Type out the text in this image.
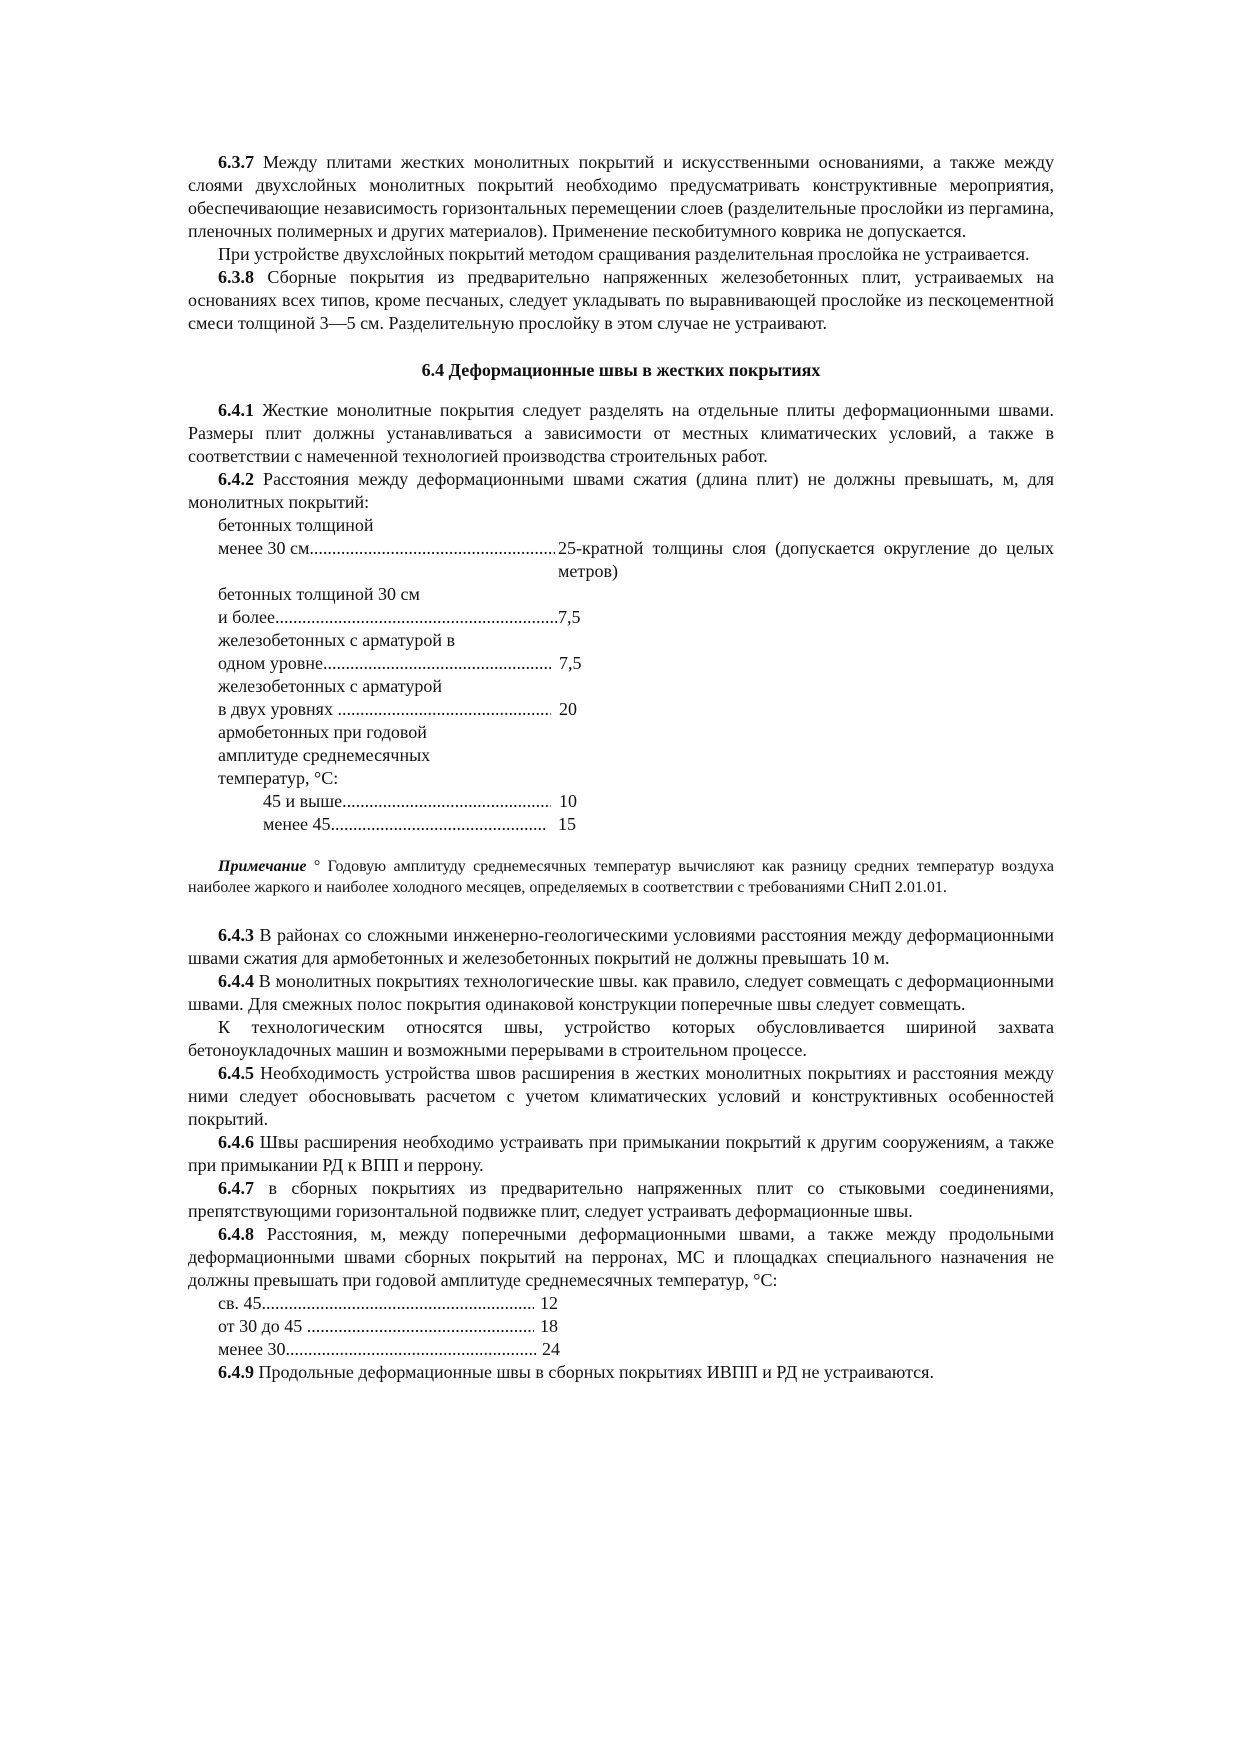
6.3.7 Между плитами жестких монолитных покрытий и искусственными основаниями, а также между слоями двухслойных монолитных покрытий необходимо предусматривать конструктивные мероприятия, обеспечивающие независимость горизонтальных перемещении слоев (разделительные прослойки из пергамина, пленочных полимерных и других материалов). Применение пескобитумного коврика не допускается.

При устройстве двухслойных покрытий методом сращивания разделительная прослойка не устраивается.

6.3.8 Сборные покрытия из предварительно напряженных железобетонных плит, устраиваемых на основаниях всех типов, кроме песчаных, следует укладывать по выравнивающей прослойке из пескоцементной смеси толщиной 3—5 см. Разделительную прослойку в этом случае не устраивают.

6.4 Деформационные швы в жестких покрытиях

6.4.1 Жесткие монолитные покрытия следует разделять на отдельные плиты деформационными швами. Размеры плит должны устанавливаться а зависимости от местных климатических условий, а также в соответствии с намеченной технологией производства строительных работ.

6.4.2 Расстояния между деформационными швами сжатия (длина плит) не должны превышать, м, для монолитных покрытий:

бетонных толщиной
менее 30 см .....	25-кратной толщины слоя (допускается округление до целых метров)
бетонных толщиной 30 см
и более .....	7,5
железобетонных с арматурой в
одном уровне .....	7,5
железобетонных с арматурой
в двух уровнях .....	20
армобетонных при годовой
амплитуде среднемесячных
температур, °С:
45 и выше .....	10
менее 45 .....	15

Примечание ° Годовую амплитуду среднемесячных температур вычисляют как разницу средних температур воздуха наиболее жаркого и наиболее холодного месяцев, определяемых в соответствии с требованиями СНиП 2.01.01.

6.4.3 В районах со сложными инженерно-геологическими условиями расстояния между деформационными швами сжатия для армобетонных и железобетонных покрытий не должны превышать 10 м.

6.4.4 В монолитных покрытиях технологические швы. как правило, следует совмещать с деформационными швами. Для смежных полос покрытия одинаковой конструкции поперечные швы следует совмещать.

К технологическим относятся швы, устройство которых обусловливается шириной захвата бетоноукладочных машин и возможными перерывами в строительном процессе.

6.4.5 Необходимость устройства швов расширения в жестких монолитных покрытиях и расстояния между ними следует обосновывать расчетом с учетом климатических условий и конструктивных особенностей покрытий.

6.4.6 Швы расширения необходимо устраивать при примыкании покрытий к другим сооружениям, а также при примыкании РД к ВПП и перрону.

6.4.7 в сборных покрытиях из предварительно напряженных плит со стыковыми соединениями, препятствующими горизонтальной подвижке плит, следует устраивать деформационные швы.

6.4.8 Расстояния, м, между поперечными деформационными швами, а также между продольными деформационными швами сборных покрытий на перронах, МС и площадках специального назначения не должны превышать при годовой амплитуде среднемесячных температур, °С:

св. 45 .....	12
от 30 до 45 .....	18
менее 30 .....	24

6.4.9 Продольные деформационные швы в сборных покрытиях ИВПП и РД не устраиваются.
